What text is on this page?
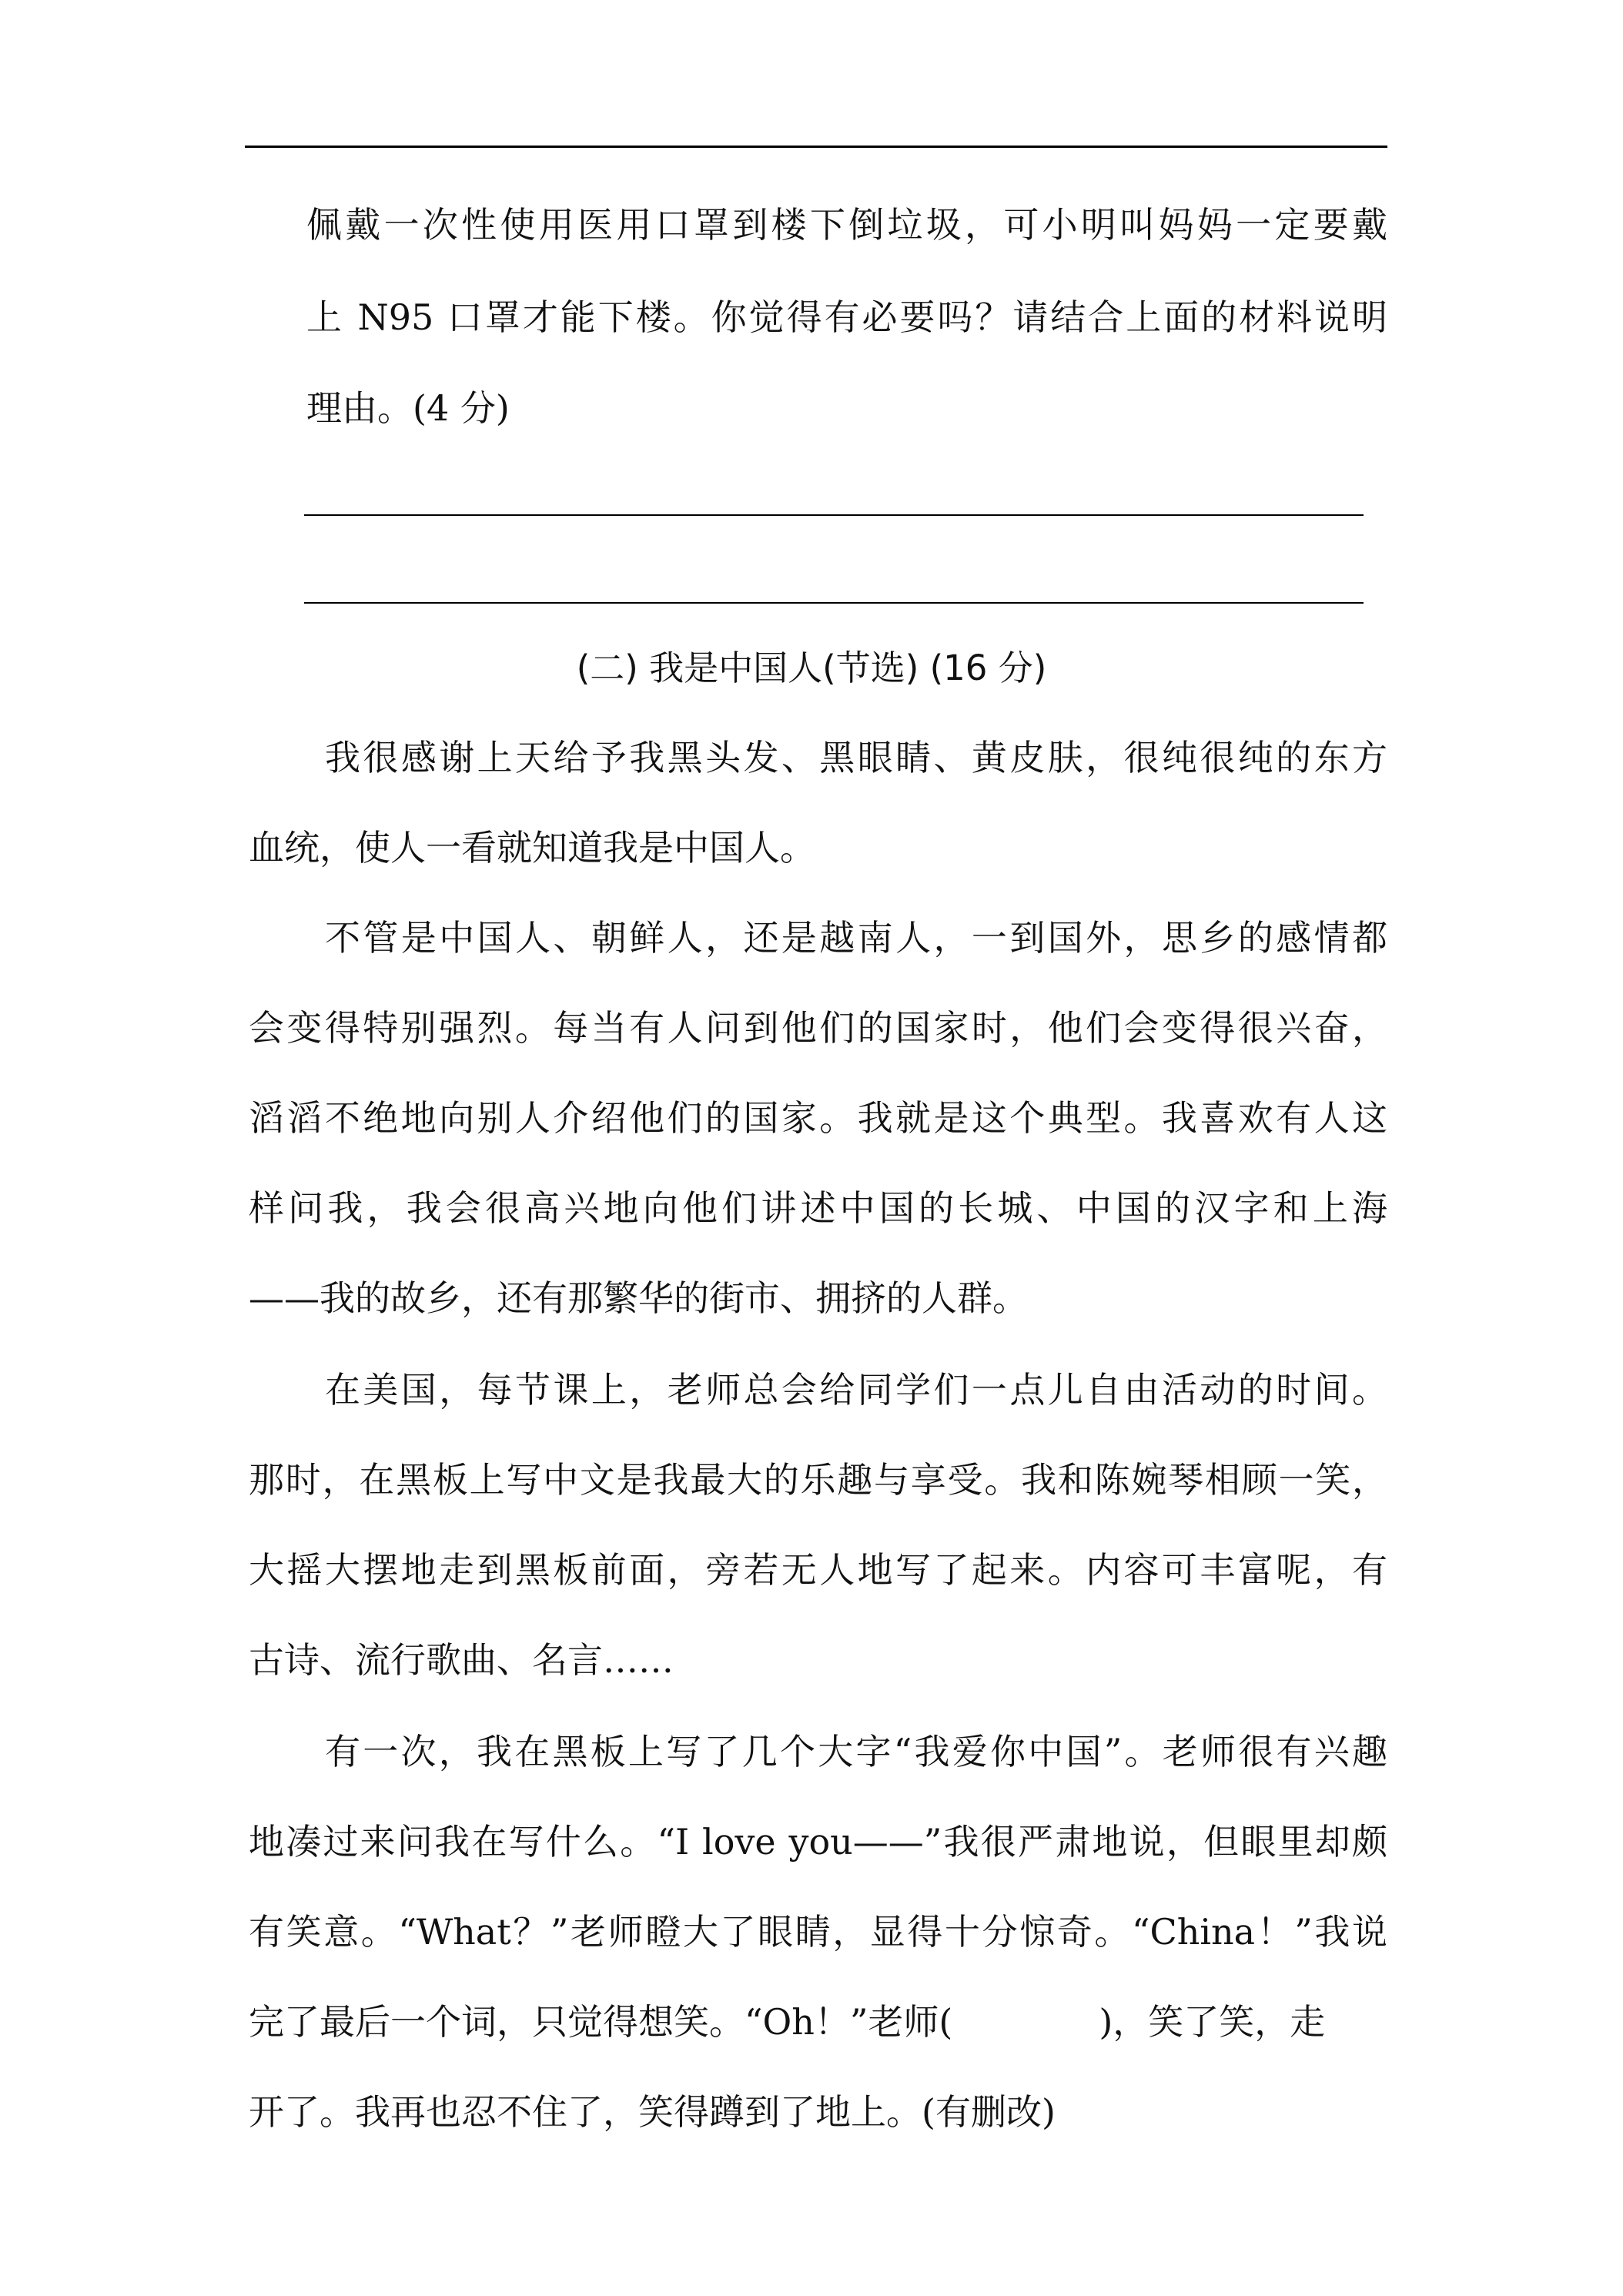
佩戴一次性使用医用口罩到楼下倒垃圾，可小明叫妈妈一定要戴
上 N95 口罩才能下楼。你觉得有必要吗？请结合上面的材料说明
理由。(4 分)
(二) 我是中国人(节选) (16 分)
我很感谢上天给予我黑头发、黑眼睛、黄皮肤，很纯很纯的东方
血统，使人一看就知道我是中国人。
不管是中国人、朝鲜人，还是越南人，一到国外，思乡的感情都
会变得特别强烈。每当有人问到他们的国家时，他们会变得很兴奋，
滔滔不绝地向别人介绍他们的国家。我就是这个典型。我喜欢有人这
样问我，我会很高兴地向他们讲述中国的长城、中国的汉字和上海
——我的故乡，还有那繁华的街市、拥挤的人群。
在美国，每节课上，老师总会给同学们一点儿自由活动的时间。
那时，在黑板上写中文是我最大的乐趣与享受。我和陈婉琴相顾一笑，
大摇大摆地走到黑板前面，旁若无人地写了起来。内容可丰富呢，有
古诗、流行歌曲、名言……
有一次，我在黑板上写了几个大字“我爱你中国”。老师很有兴趣
地凑过来问我在写什么。“I love you——”我很严肃地说，但眼里却颇
有笑意。“What？”老师瞪大了眼睛，显得十分惊奇。“China！”我说
完了最后一个词，只觉得想笑。“Oh！”老师(	)，笑了笑，走
开了。我再也忍不住了，笑得蹲到了地上。(有删改)
